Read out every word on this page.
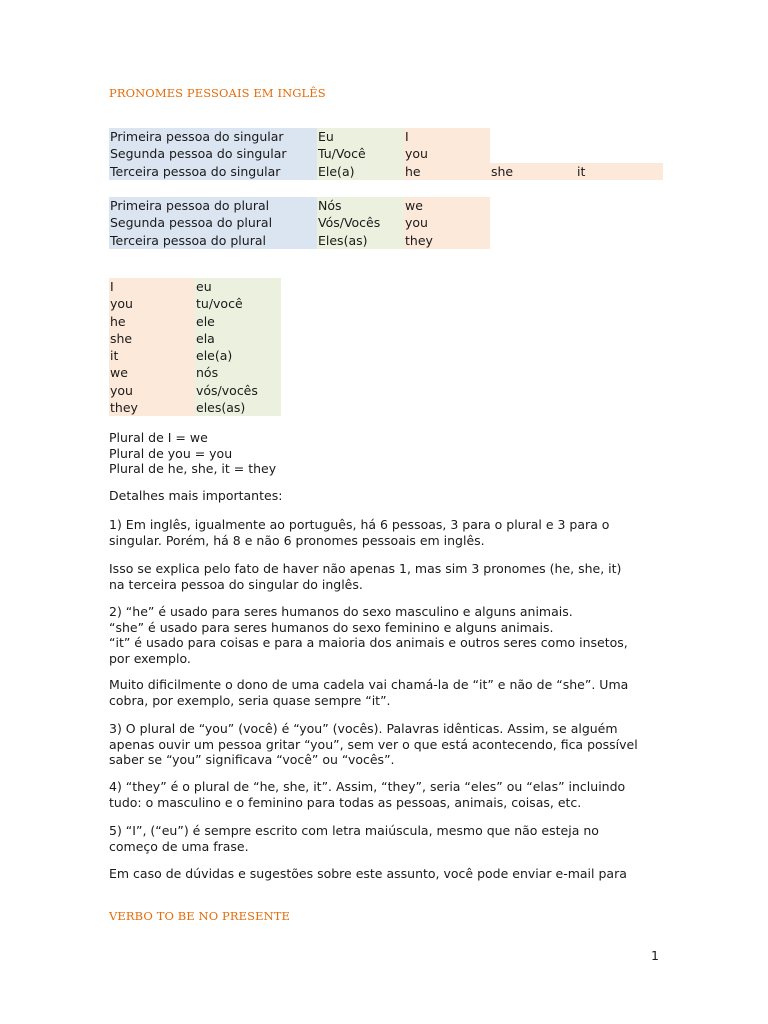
PRONOMES PESSOAIS EM INGLÊS
Primeira pessoa do singular	Eu	I		
Segunda pessoa do singular	Tu/Você	you		
Terceira pessoa do singular	Ele(a)	he	she	it
Primeira pessoa do plural	Nós	we
Segunda pessoa do plural	Vós/Vocês	you
Terceira pessoa do plural	Eles(as)	they
I	eu
you	tu/você
he	ele
she	ela
it	ele(a)
we	nós
you	vós/vocês
they	eles(as)
Plural de I = we
Plural de you = you
Plural de he, she, it = they
Detalhes mais importantes:
1) Em inglês, igualmente ao português, há 6 pessoas, 3 para o plural e 3 para o
singular. Porém, há 8 e não 6 pronomes pessoais em inglês.
Isso se explica pelo fato de haver não apenas 1, mas sim 3 pronomes (he, she, it)
na terceira pessoa do singular do inglês.
2) “he” é usado para seres humanos do sexo masculino e alguns animais.
“she” é usado para seres humanos do sexo feminino e alguns animais.
“it” é usado para coisas e para a maioria dos animais e outros seres como insetos,
por exemplo.
Muito dificilmente o dono de uma cadela vai chamá-la de “it” e não de “she”. Uma
cobra, por exemplo, seria quase sempre “it”.
3) O plural de “you” (você) é “you” (vocês). Palavras idênticas. Assim, se alguém
apenas ouvir um pessoa gritar “you”, sem ver o que está acontecendo, fica possível
saber se “you” significava “você” ou “vocês”.
4) “they” é o plural de “he, she, it”. Assim, “they”, seria “eles” ou “elas” incluindo
tudo: o masculino e o feminino para todas as pessoas, animais, coisas, etc.
5) “I”, (“eu”) é sempre escrito com letra maiúscula, mesmo que não esteja no
começo de uma frase.
Em caso de dúvidas e sugestões sobre este assunto, você pode enviar e-mail para
VERBO TO BE NO PRESENTE
1
